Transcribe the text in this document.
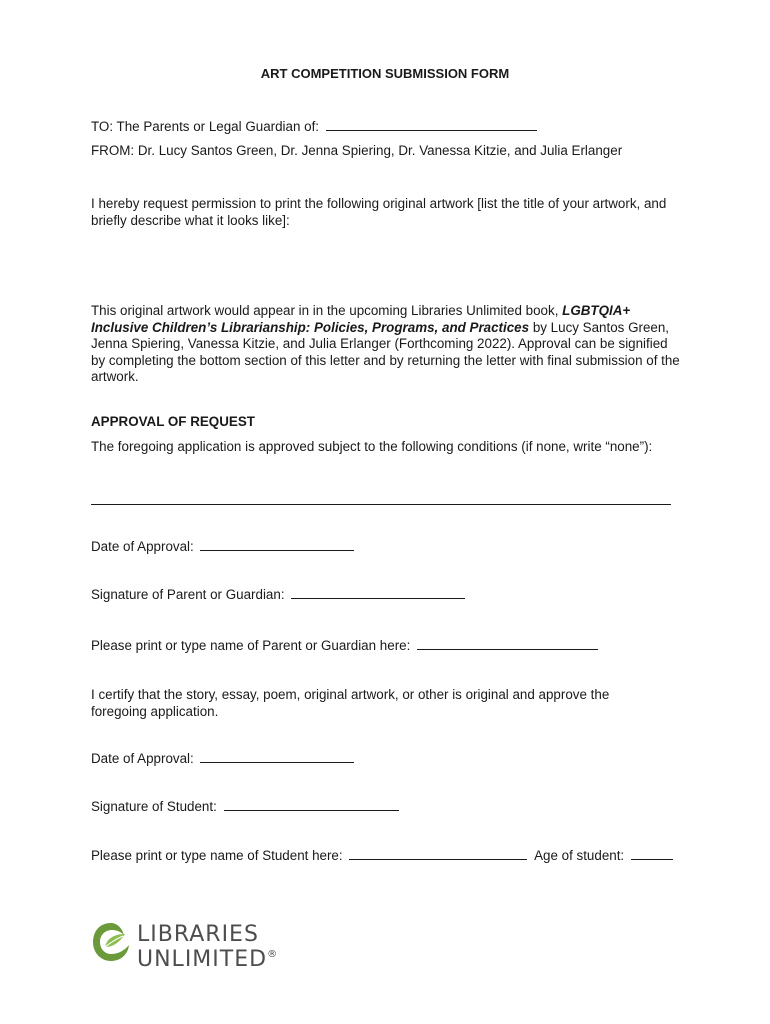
ART COMPETITION SUBMISSION FORM
TO: The Parents or Legal Guardian of:
FROM: Dr. Lucy Santos Green, Dr. Jenna Spiering, Dr. Vanessa Kitzie, and Julia Erlanger
I hereby request permission to print the following original artwork [list the title of your artwork, and briefly describe what it looks like]:
This original artwork would appear in in the upcoming Libraries Unlimited book, LGBTQIA+ Inclusive Children’s Librarianship: Policies, Programs, and Practices by Lucy Santos Green, Jenna Spiering, Vanessa Kitzie, and Julia Erlanger (Forthcoming 2022). Approval can be signified by completing the bottom section of this letter and by returning the letter with final submission of the artwork.
APPROVAL OF REQUEST
The foregoing application is approved subject to the following conditions (if none, write “none”):
Date of Approval:
Signature of Parent or Guardian:
Please print or type name of Parent or Guardian here:
I certify that the story, essay, poem, original artwork, or other is original and approve the foregoing application.
Date of Approval:
Signature of Student:
Please print or type name of Student here:	Age of student:
LIBRARIES
UNLIMITED®
